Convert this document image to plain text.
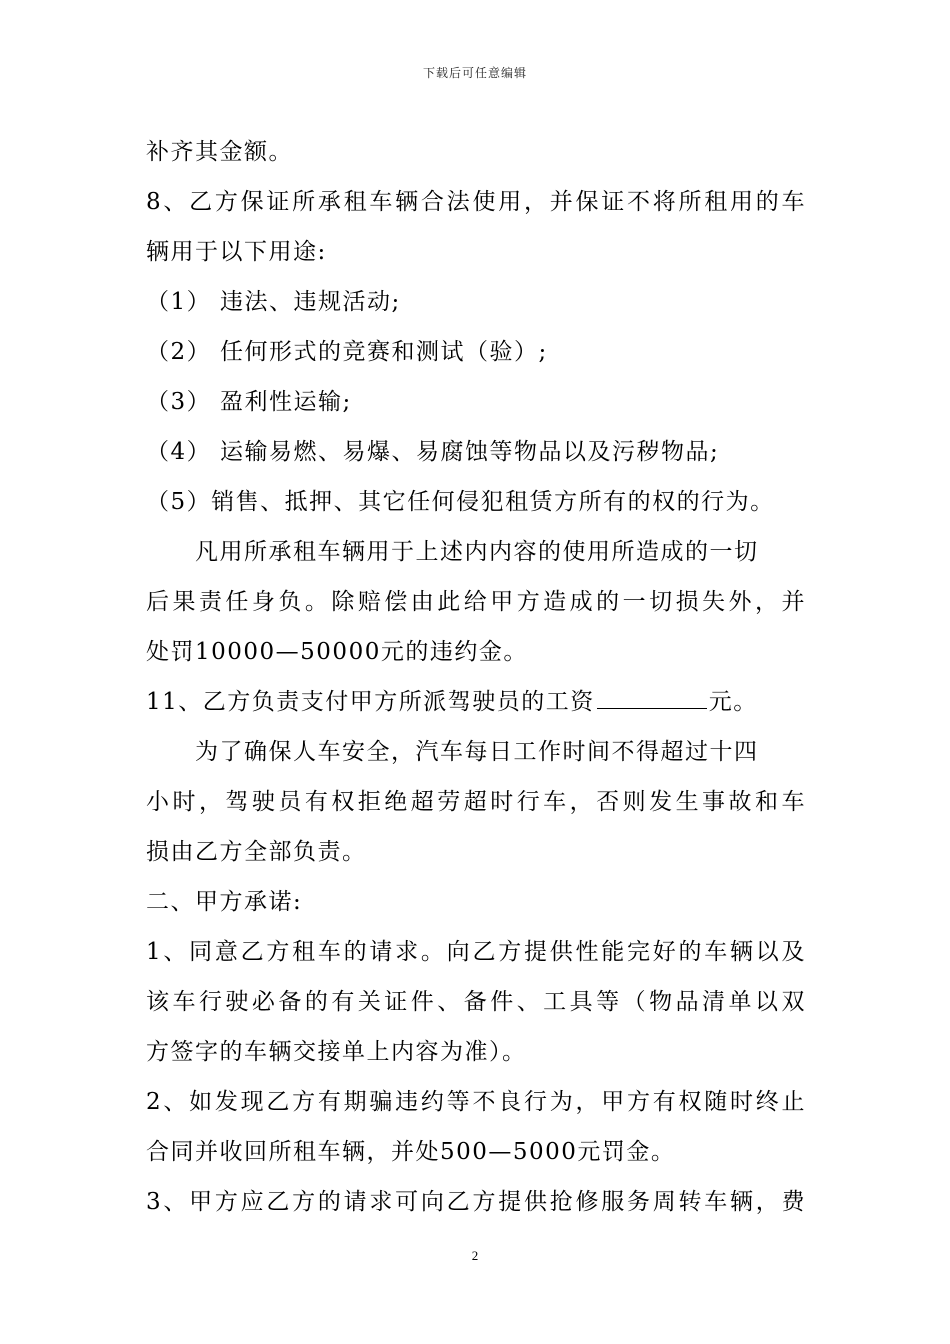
下载后可任意编辑
补齐其金额。
8、乙方保证所承租车辆合法使用，并保证不将所租用的车
辆用于以下用途:
（1） 违法、违规活动;
（2） 任何形式的竞赛和测试（验）;
（3） 盈利性运输;
（4） 运输易燃、易爆、易腐蚀等物品以及污秽物品;
（5）销售、抵押、其它任何侵犯租赁方所有的权的行为。
凡用所承租车辆用于上述内内容的使用所造成的一切
后果责任身负。除赔偿由此给甲方造成的一切损失外，并
处罚10000—50000元的违约金。
11、乙方负责支付甲方所派驾驶员的工资	元。
为了确保人车安全，汽车每日工作时间不得超过十四
小时，驾驶员有权拒绝超劳超时行车，否则发生事故和车
损由乙方全部负责。
二、甲方承诺:
1、同意乙方租车的请求。向乙方提供性能完好的车辆以及
该车行驶必备的有关证件、备件、工具等（物品清单以双
方签字的车辆交接单上内容为准）。
2、如发现乙方有期骗违约等不良行为，甲方有权随时终止
合同并收回所租车辆，并处500—5000元罚金。
3、甲方应乙方的请求可向乙方提供抢修服务周转车辆，费
2
